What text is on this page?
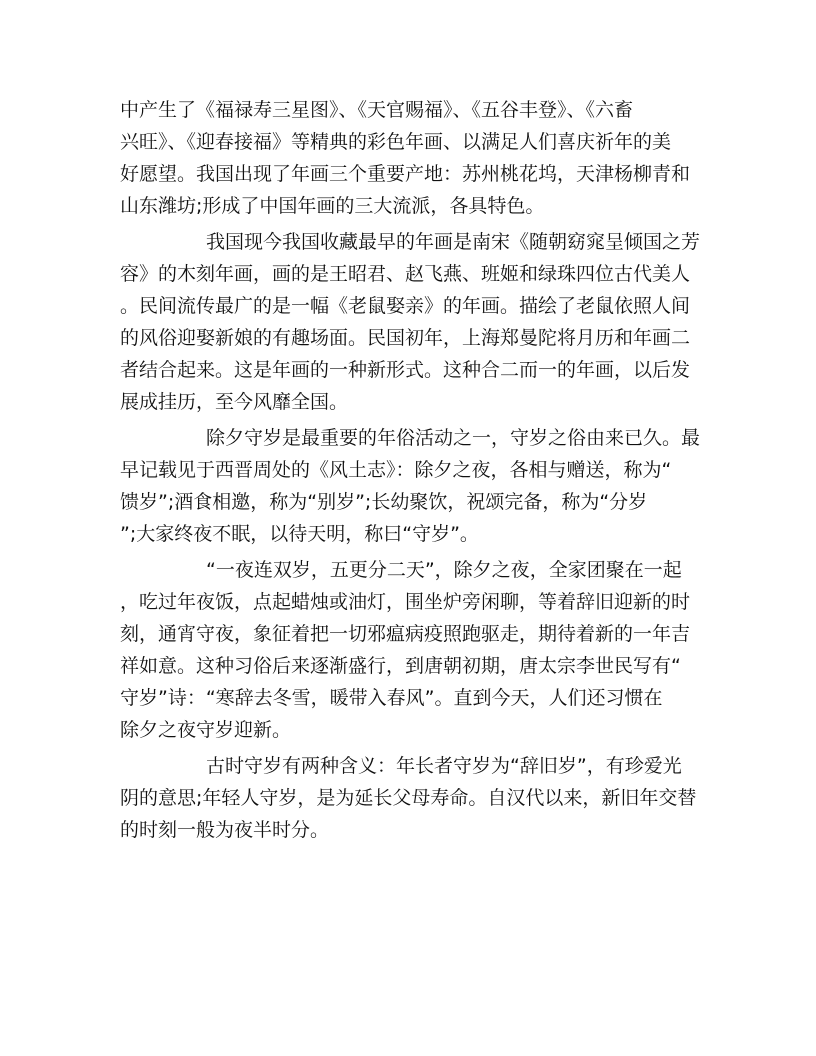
中产生了《福禄寿三星图》、《天官赐福》、《五谷丰登》、《六畜
兴旺》、《迎春接福》等精典的彩色年画、以满足人们喜庆祈年的美
好愿望。我国出现了年画三个重要产地：苏州桃花坞，天津杨柳青和
山东潍坊;形成了中国年画的三大流派，各具特色。

我国现今我国收藏最早的年画是南宋《随朝窈窕呈倾国之芳
容》的木刻年画，画的是王昭君、赵飞燕、班姬和绿珠四位古代美人
。民间流传最广的是一幅《老鼠娶亲》的年画。描绘了老鼠依照人间
的风俗迎娶新娘的有趣场面。民国初年，上海郑曼陀将月历和年画二
者结合起来。这是年画的一种新形式。这种合二而一的年画，以后发
展成挂历，至今风靡全国。

除夕守岁是最重要的年俗活动之一，守岁之俗由来已久。最
早记载见于西晋周处的《风土志》：除夕之夜，各相与赠送，称为“
馈岁”;酒食相邀，称为“别岁”;长幼聚饮，祝颂完备，称为“分岁
”;大家终夜不眠，以待天明，称曰“守岁”。

“一夜连双岁，五更分二天”，除夕之夜，全家团聚在一起
，吃过年夜饭，点起蜡烛或油灯，围坐炉旁闲聊，等着辞旧迎新的时
刻，通宵守夜，象征着把一切邪瘟病疫照跑驱走，期待着新的一年吉
祥如意。这种习俗后来逐渐盛行，到唐朝初期，唐太宗李世民写有“
守岁”诗：“寒辞去冬雪，暖带入春风”。直到今天，人们还习惯在
除夕之夜守岁迎新。

古时守岁有两种含义：年长者守岁为“辞旧岁”，有珍爱光
阴的意思;年轻人守岁，是为延长父母寿命。自汉代以来，新旧年交替
的时刻一般为夜半时分。
